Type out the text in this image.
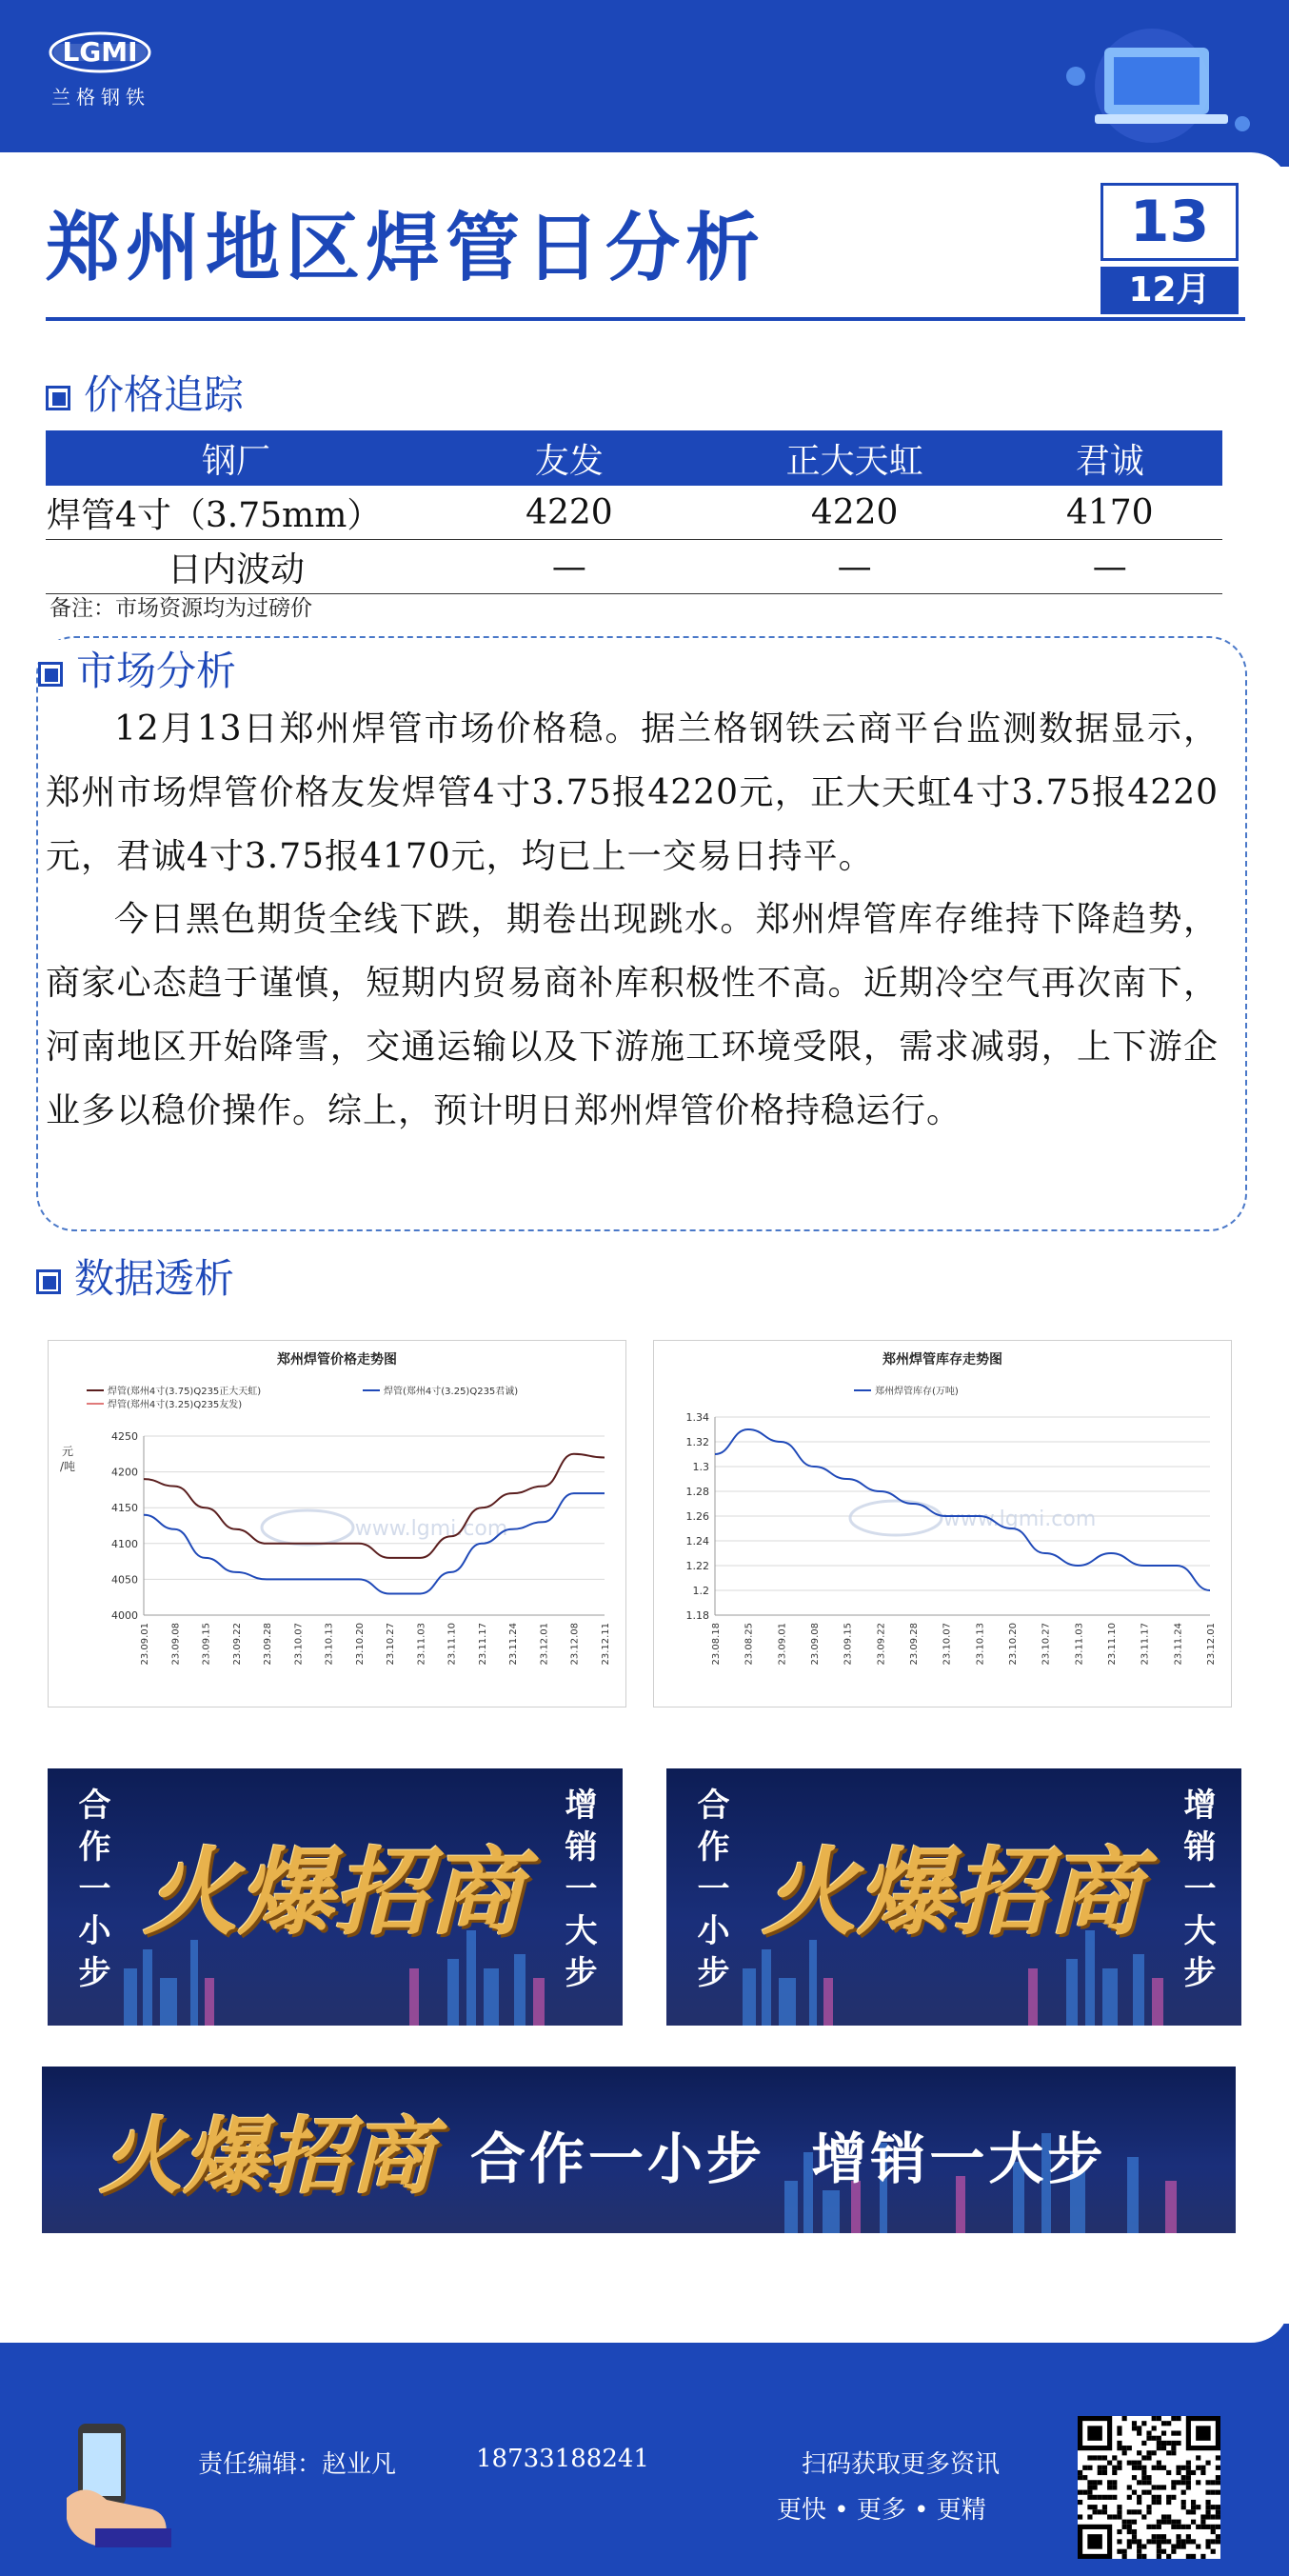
LGMI
兰格钢铁
郑州地区焊管日分析	13
12月
价格追踪
钢厂	友发	正大天虹	君诚
焊管4寸（3.75mm）	4220	4220	4170
日内波动	—	—	—
备注：市场资源均为过磅价
市场分析
12月13日郑州焊管市场价格稳。据兰格钢铁云商平台监测数据显示，郑州市场焊管价格友发焊管4寸3.75报4220元，正大天虹4寸3.75报4220元，君诚4寸3.75报4170元，均已上一交易日持平。
今日黑色期货全线下跌，期卷出现跳水。郑州焊管库存维持下降趋势，商家心态趋于谨慎，短期内贸易商补库积极性不高。近期冷空气再次南下，河南地区开始降雪，交通运输以及下游施工环境受限，需求减弱，上下游企业多以稳价操作。综上，预计明日郑州焊管价格持稳运行。
数据透析
郑州焊管价格走势图
4000
4050
4100
4150
4200
4250
23.09.01 23.09.08 23.09.15 23.09.22 23.09.28 23.10.07 23.10.13 23.10.20 23.10.27 23.11.03 23.11.10 23.11.17 23.11.24 23.12.01 23.12.08 23.12.11
www.lgmi.com
元
/吨
焊管(郑州4寸(3.75)Q235正大天虹)	焊管(郑州4寸(3.25)Q235君诚)
焊管(郑州4寸(3.25)Q235友发)
郑州焊管库存走势图
1.18
1.2
1.22
1.24
1.26
1.28
1.3
1.32
1.34
23.08.18 23.08.25 23.09.01 23.09.08 23.09.15 23.09.22 23.09.28 23.10.07 23.10.13 23.10.20 23.10.27 23.11.03 23.11.10 23.11.17 23.11.24 23.12.01
www.lgmi.com
郑州焊管库存(万吨)
合作一小步	增销一大步
火爆招商	合作一小步	增销一大步
火爆招商
火爆招商 合作一小步  增销一大步
责任编辑：赵业凡	18733188241	扫码获取更多资讯
更快 • 更多 • 更精
